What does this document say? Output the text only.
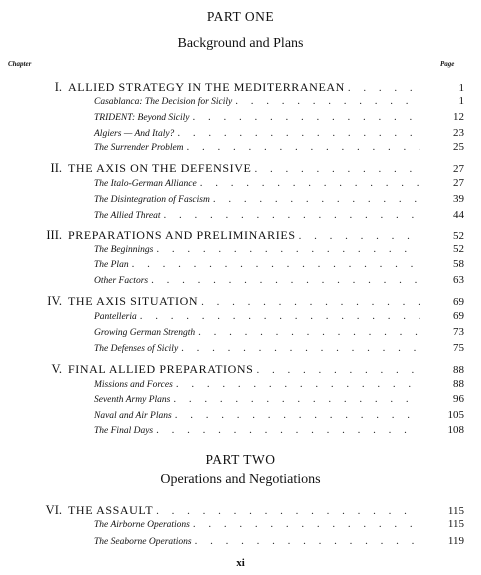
PART ONE
Background and Plans
Chapter	Page
I. ALLIED STRATEGY IN THE MEDITERRANEAN . . .	1
Casablanca: The Decision for Sicily . . .	1
TRIDENT: Beyond Sicily . . .	12
Algiers — And Italy? . . .	23
The Surrender Problem . . .	25
II. THE AXIS ON THE DEFENSIVE . . .	27
The Italo-German Alliance . . .	27
The Disintegration of Fascism . . .	39
The Allied Threat . . .	44
III. PREPARATIONS AND PRELIMINARIES . . .	52
The Beginnings . . .	52
The Plan . . .	58
Other Factors . . .	63
IV. THE AXIS SITUATION . . .	69
Pantelleria . . .	69
Growing German Strength . . .	73
The Defenses of Sicily . . .	75
V. FINAL ALLIED PREPARATIONS . . .	88
Missions and Forces . . .	88
Seventh Army Plans . . .	96
Naval and Air Plans . . .	105
The Final Days . . .	108
PART TWO
Operations and Negotiations
VI. THE ASSAULT . . .	115
The Airborne Operations . . .	115
The Seaborne Operations . . .	119
xi
